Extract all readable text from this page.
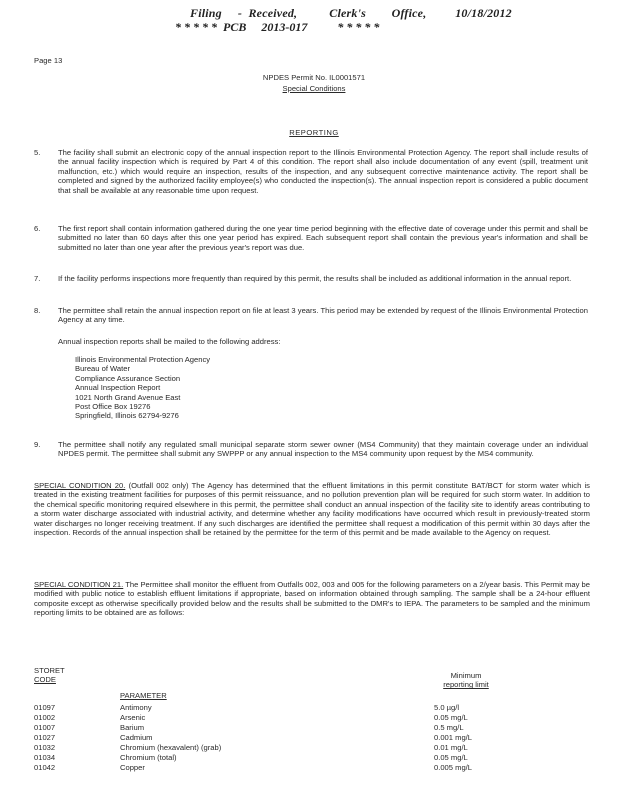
Filing     -  Received,          Clerk's        Office,         10/18/2012
* * * * *  PCB     2013-017          * * * * *
Page 13
NPDES Permit No. IL0001571
Special Conditions
REPORTING
5. The facility shall submit an electronic copy of the annual inspection report to the Illinois Environmental Protection Agency. The report shall include results of the annual facility inspection which is required by Part 4 of this condition. The report shall also include documentation of any event (spill, treatment unit malfunction, etc.) which would require an inspection, results of the inspection, and any subsequent corrective maintenance activity. The report shall be completed and signed by the authorized facility employee(s) who conducted the inspection(s). The annual inspection report is considered a public document that shall be available at any reasonable time upon request.
6. The first report shall contain information gathered during the one year time period beginning with the effective date of coverage under this permit and shall be submitted no later than 60 days after this one year period has expired. Each subsequent report shall contain the previous year's information and shall be submitted no later than one year after the previous year's report was due.
7. If the facility performs inspections more frequently than required by this permit, the results shall be included as additional information in the annual report.
8. The permittee shall retain the annual inspection report on file at least 3 years. This period may be extended by request of the Illinois Environmental Protection Agency at any time.
Annual inspection reports shall be mailed to the following address:
Illinois Environmental Protection Agency
Bureau of Water
Compliance Assurance Section
Annual Inspection Report
1021 North Grand Avenue East
Post Office Box 19276
Springfield, Illinois 62794-9276
9. The permittee shall notify any regulated small municipal separate storm sewer owner (MS4 Community) that they maintain coverage under an individual NPDES permit. The permittee shall submit any SWPPP or any annual inspection to the MS4 community upon request by the MS4 community.
SPECIAL CONDITION 20. (Outfall 002 only) The Agency has determined that the effluent limitations in this permit constitute BAT/BCT for storm water which is treated in the existing treatment facilities for purposes of this permit reissuance, and no pollution prevention plan will be required for such storm water. In addition to the chemical specific monitoring required elsewhere in this permit, the permittee shall conduct an annual inspection of the facility site to identify areas contributing to a storm water discharge associated with industrial activity, and determine whether any facility modifications have occurred which result in previously-treated storm water discharges no longer receiving treatment. If any such discharges are identified the permittee shall request a modification of this permit within 30 days after the inspection. Records of the annual inspection shall be retained by the permittee for the term of this permit and be made available to the Agency on request.
SPECIAL CONDITION 21. The Permittee shall monitor the effluent from Outfalls 002, 003 and 005 for the following parameters on a 2/year basis. This Permit may be modified with public notice to establish effluent limitations if appropriate, based on information obtained through sampling. The sample shall be a 24-hour effluent composite except as otherwise specifically provided below and the results shall be submitted to the DMR's to IEPA. The parameters to be sampled and the minimum reporting limits to be obtained are as follows:
STORET
CODE
PARAMETER
Minimum
reporting limit
01097	Antimony	5.0 µg/l
01002	Arsenic	0.05 mg/L
01007	Barium	0.5 mg/L
01027	Cadmium	0.001 mg/L
01032	Chromium (hexavalent) (grab)	0.01 mg/L
01034	Chromium (total)	0.05 mg/L
01042	Copper	0.005 mg/L
